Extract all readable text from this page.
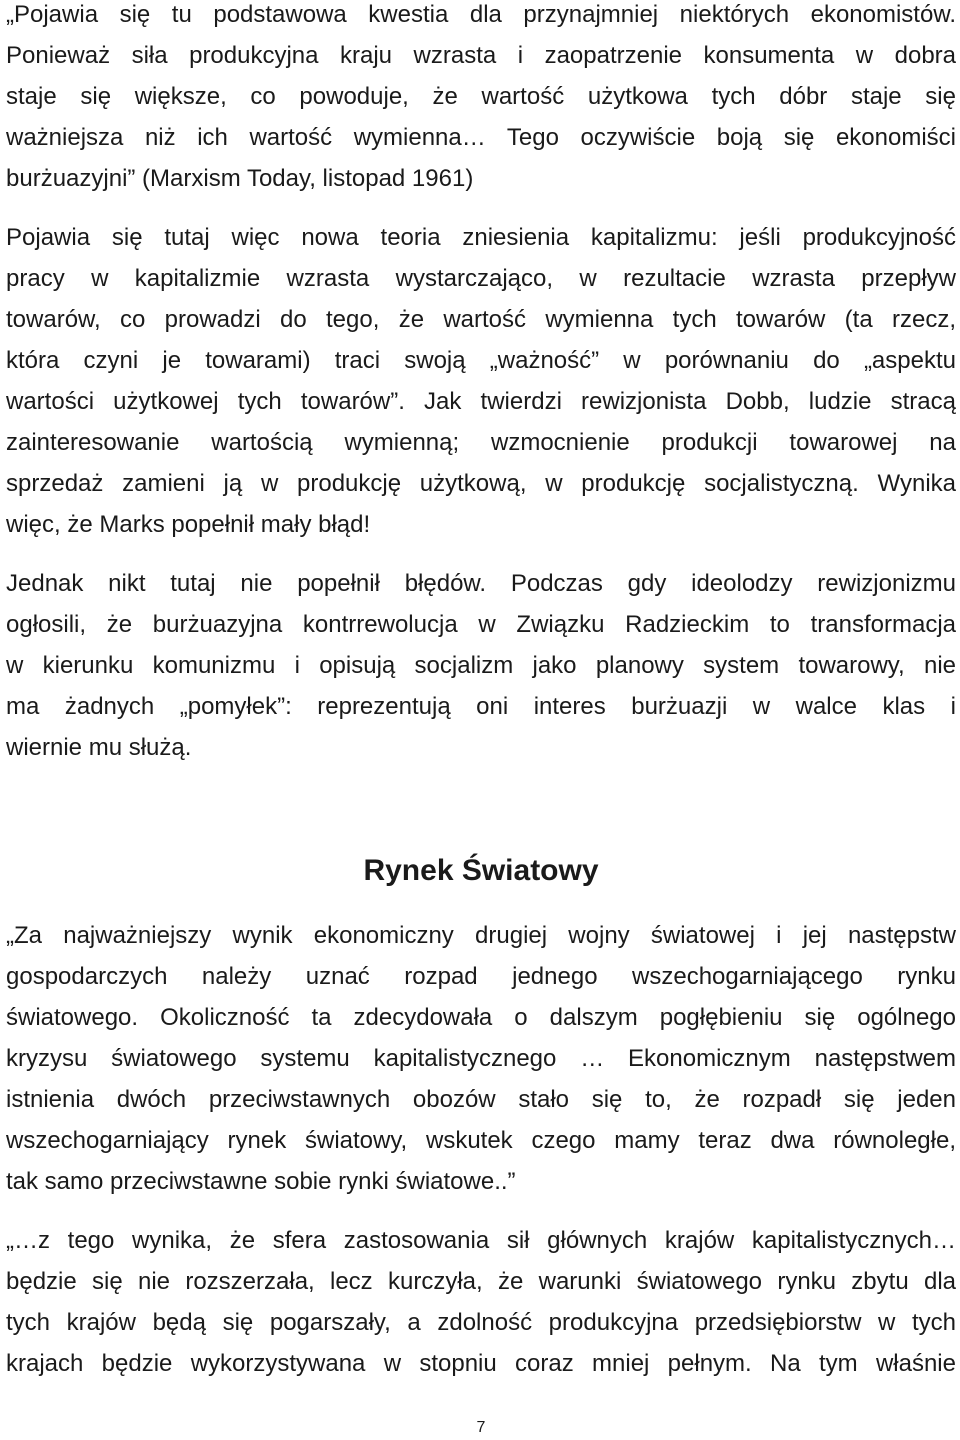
„Pojawia się tu podstawowa kwestia dla przynajmniej niektórych ekonomistów.
Ponieważ siła produkcyjna kraju wzrasta i zaopatrzenie konsumenta w dobra
staje się większe, co powoduje, że wartość użytkowa tych dóbr staje się
ważniejsza niż ich wartość wymienna… Tego oczywiście boją się ekonomiści
burżuazyjni” (Marxism Today, listopad 1961)
Pojawia się tutaj więc nowa teoria zniesienia kapitalizmu: jeśli produkcyjność
pracy w kapitalizmie wzrasta wystarczająco, w rezultacie wzrasta przepływ
towarów, co prowadzi do tego, że wartość wymienna tych towarów (ta rzecz,
która czyni je towarami) traci swoją „ważność” w porównaniu do „aspektu
wartości użytkowej tych towarów”. Jak twierdzi rewizjonista Dobb, ludzie stracą
zainteresowanie wartością wymienną; wzmocnienie produkcji towarowej na
sprzedaż zamieni ją w produkcję użytkową, w produkcję socjalistyczną. Wynika
więc, że Marks popełnił mały błąd!
Jednak nikt tutaj nie popełnił błędów. Podczas gdy ideolodzy rewizjonizmu
ogłosili, że burżuazyjna kontrrewolucja w Związku Radzieckim to transformacja
w kierunku komunizmu i opisują socjalizm jako planowy system towarowy, nie
ma żadnych „pomyłek”: reprezentują oni interes burżuazji w walce klas i
wiernie mu służą.
Rynek Światowy
„Za najważniejszy wynik ekonomiczny drugiej wojny światowej i jej następstw
gospodarczych należy uznać rozpad jednego wszechogarniającego rynku
światowego. Okoliczność ta zdecydowała o dalszym pogłębieniu się ogólnego
kryzysu światowego systemu kapitalistycznego … Ekonomicznym następstwem
istnienia dwóch przeciwstawnych obozów stało się to, że rozpadł się jeden
wszechogarniający rynek światowy, wskutek czego mamy teraz dwa równoległe,
tak samo przeciwstawne sobie rynki światowe..”
„…z tego wynika, że sfera zastosowania sił głównych krajów kapitalistycznych…
będzie się nie rozszerzała, lecz kurczyła, że warunki światowego rynku zbytu dla
tych krajów będą się pogarszały, a zdolność produkcyjna przedsiębiorstw w tych
krajach będzie wykorzystywana w stopniu coraz mniej pełnym. Na tym właśnie
7
